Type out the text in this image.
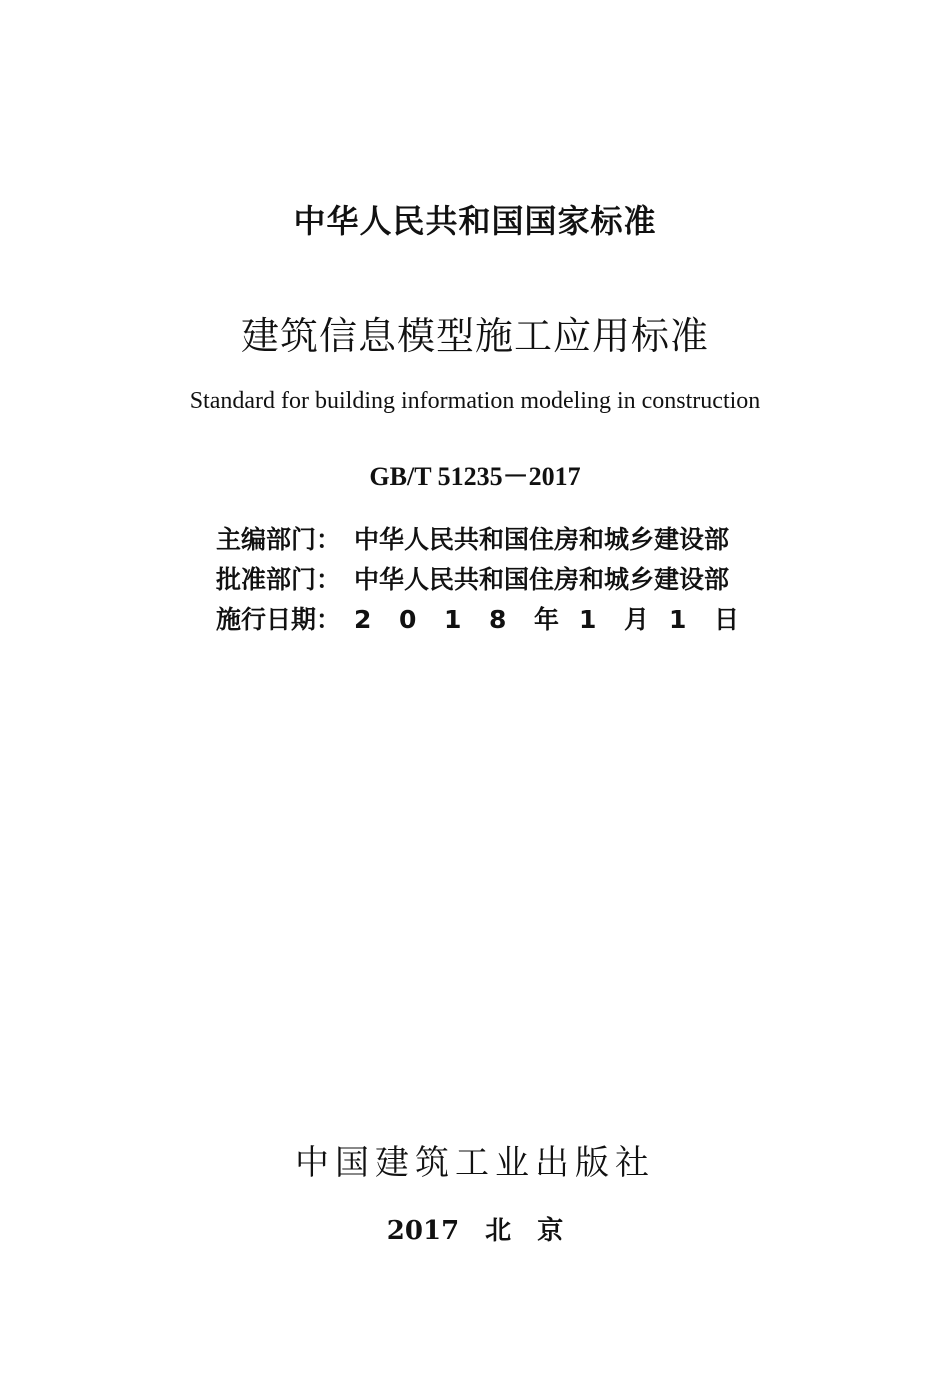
中华人民共和国国家标准
建筑信息模型施工应用标准
Standard for building information modeling in construction
GB/T 51235－2017
主编部门： 中华人民共和国住房和城乡建设部
批准部门： 中华人民共和国住房和城乡建设部
施行日期： 2	0	1	8	年 1	月 1	日
中国建筑工业出版社
2017 北 京
